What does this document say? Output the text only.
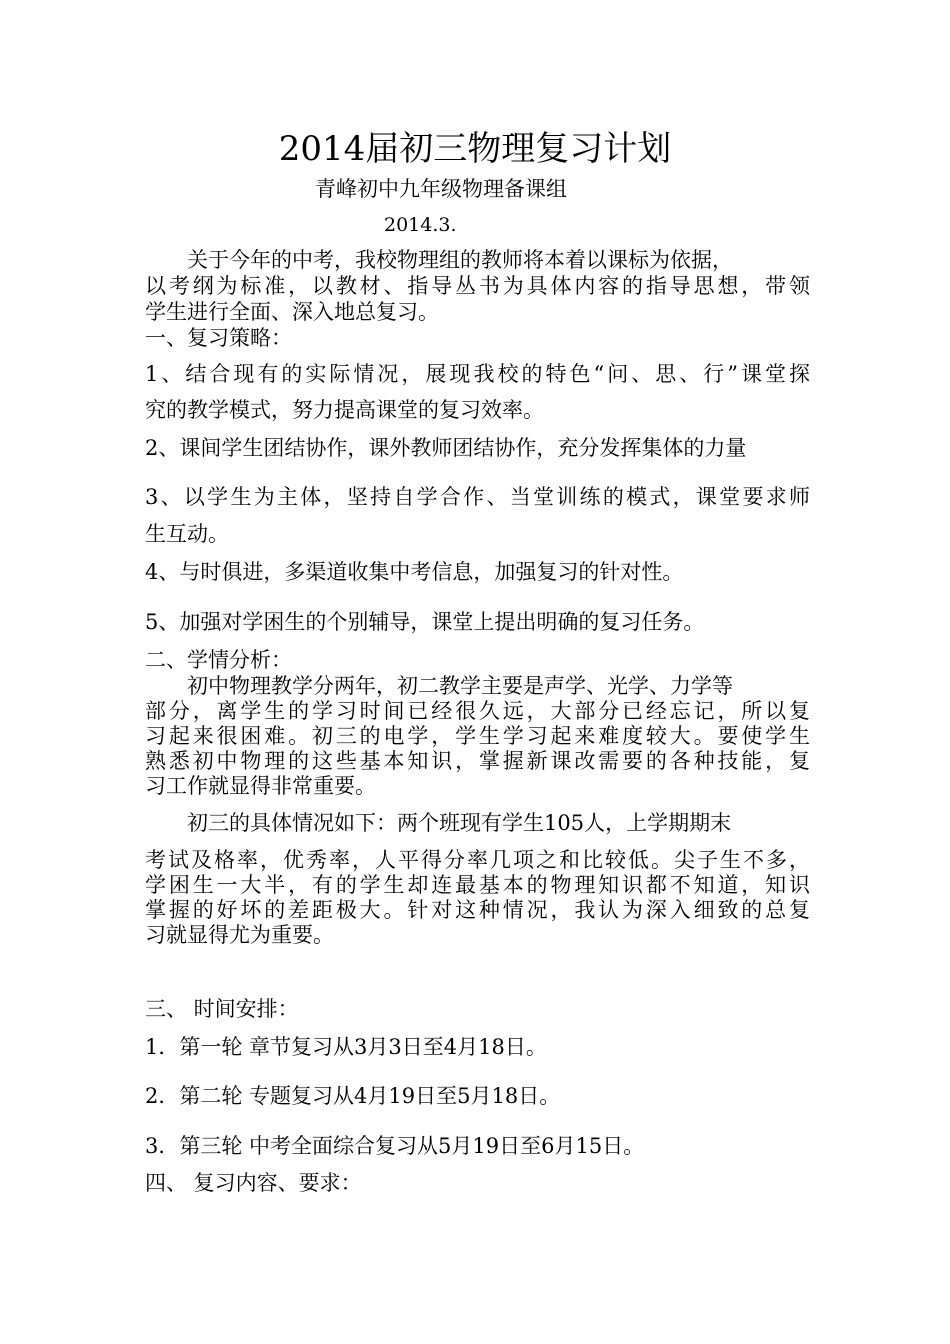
2014届初三物理复习计划
青峰初中九年级物理备课组
2014.3.
关于今年的中考，我校物理组的教师将本着以课标为依据，
以考纲为标准，以教材、指导丛书为具体内容的指导思想，带领
学生进行全面、深入地总复习。
一、复习策略：
1、结合现有的实际情况，展现我校的特色“问、思、行”课堂探
究的教学模式，努力提高课堂的复习效率。
2、课间学生团结协作，课外教师团结协作，充分发挥集体的力量
3、以学生为主体，坚持自学合作、当堂训练的模式，课堂要求师
生互动。
4、与时俱进，多渠道收集中考信息，加强复习的针对性。
5、加强对学困生的个别辅导，课堂上提出明确的复习任务。
二、学情分析：
初中物理教学分两年，初二教学主要是声学、光学、力学等
部分，离学生的学习时间已经很久远，大部分已经忘记，所以复
习起来很困难。初三的电学，学生学习起来难度较大。要使学生
熟悉初中物理的这些基本知识，掌握新课改需要的各种技能，复
习工作就显得非常重要。
初三的具体情况如下：两个班现有学生105人，上学期期末
考试及格率，优秀率，人平得分率几项之和比较低。尖子生不多，
学困生一大半，有的学生却连最基本的物理知识都不知道，知识
掌握的好坏的差距极大。针对这种情况，我认为深入细致的总复
习就显得尤为重要。
三、 时间安排：
1．第一轮 章节复习从3月3日至4月18日。
2．第二轮 专题复习从4月19日至5月18日。
3．第三轮 中考全面综合复习从5月19日至6月15日。
四、 复习内容、要求：
